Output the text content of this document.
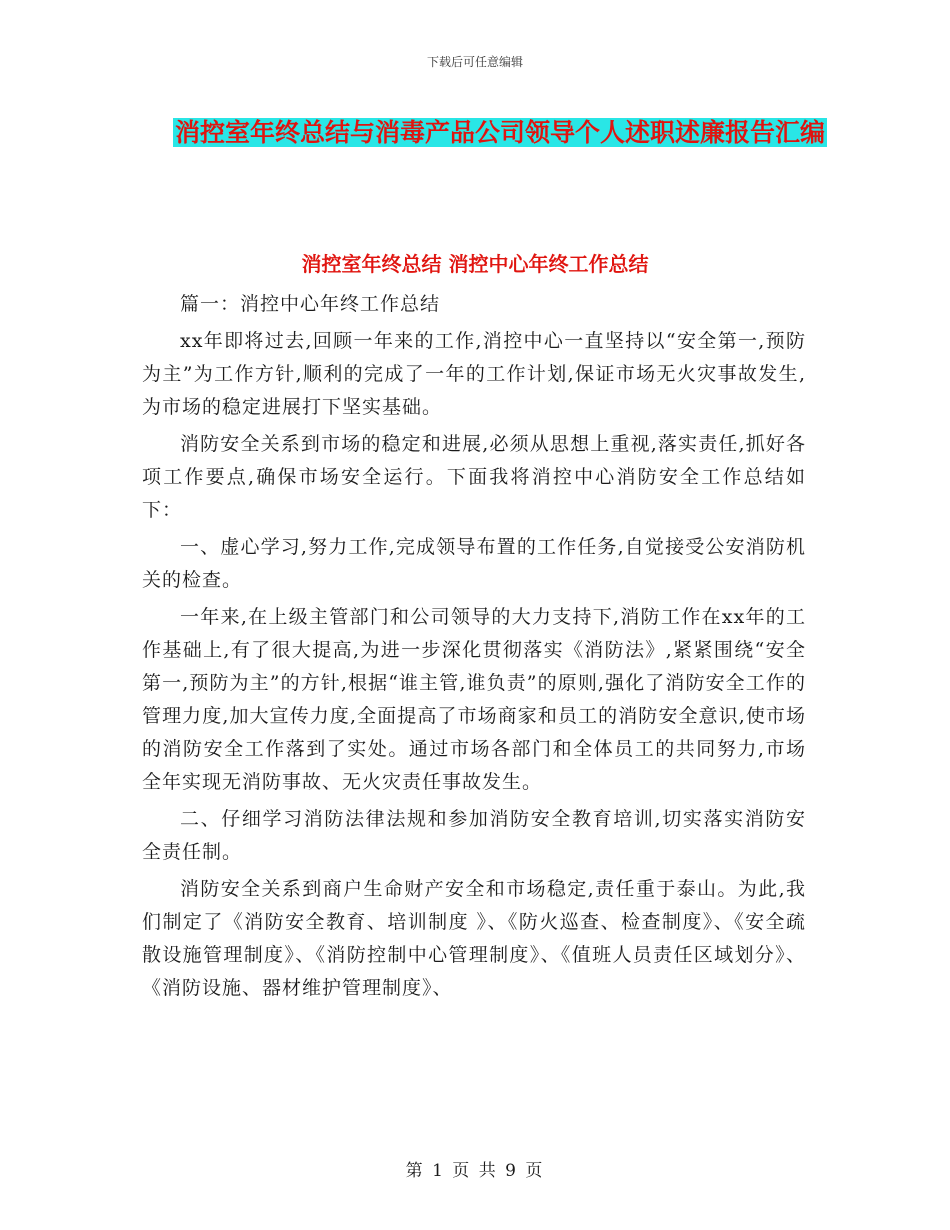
下载后可任意编辑
消控室年终总结与消毒产品公司领导个人述职述廉报告汇编
消控室年终总结 消控中心年终工作总结

篇一：消控中心年终工作总结

xx年即将过去,回顾一年来的工作,消控中心一直坚持以“安全第一,预防为主”为工作方针,顺利的完成了一年的工作计划,保证市场无火灾事故发生,为市场的稳定进展打下坚实基础。

消防安全关系到市场的稳定和进展,必须从思想上重视,落实责任,抓好各项工作要点,确保市场安全运行。下面我将消控中心消防安全工作总结如下：

一、虚心学习,努力工作,完成领导布置的工作任务,自觉接受公安消防机关的检查。

一年来,在上级主管部门和公司领导的大力支持下,消防工作在xx年的工作基础上,有了很大提高,为进一步深化贯彻落实《消防法》,紧紧围绕“安全第一,预防为主”的方针,根据“谁主管,谁负责”的原则,强化了消防安全工作的管理力度,加大宣传力度,全面提高了市场商家和员工的消防安全意识,使市场的消防安全工作落到了实处。通过市场各部门和全体员工的共同努力,市场全年实现无消防事故、无火灾责任事故发生。

二、仔细学习消防法律法规和参加消防安全教育培训,切实落实消防安全责任制。

消防安全关系到商户生命财产安全和市场稳定,责任重于泰山。为此,我们制定了《消防安全教育、培训制度 》、《防火巡查、检查制度》、《安全疏散设施管理制度》、《消防控制中心管理制度》、《值班人员责任区域划分》、《消防设施、器材维护管理制度》、

第 1 页 共 9 页
